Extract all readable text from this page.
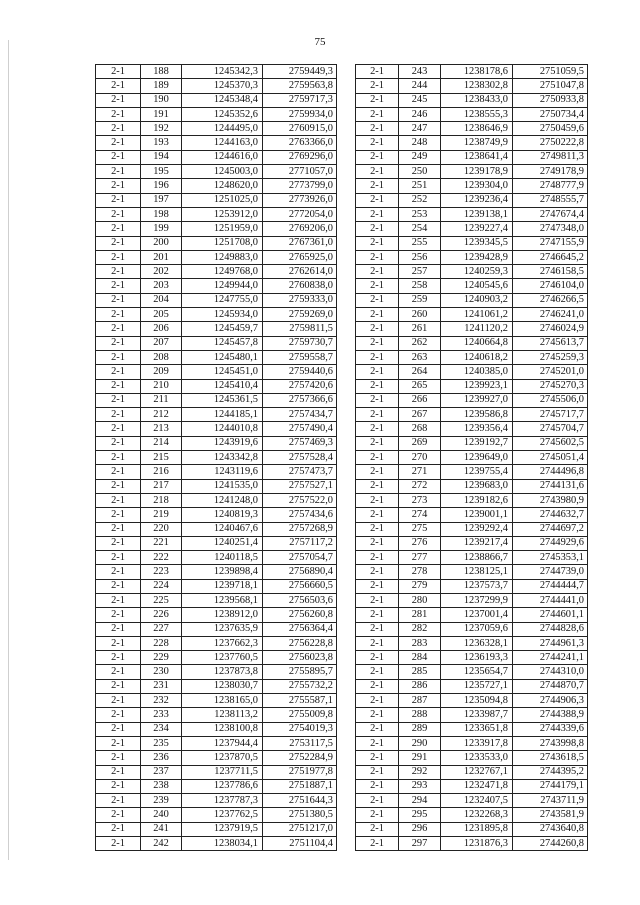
75
2-1	188	1245342,3	2759449,3
2-1	189	1245370,3	2759563,8
2-1	190	1245348,4	2759717,3
2-1	191	1245352,6	2759934,0
2-1	192	1244495,0	2760915,0
2-1	193	1244163,0	2763366,0
2-1	194	1244616,0	2769296,0
2-1	195	1245003,0	2771057,0
2-1	196	1248620,0	2773799,0
2-1	197	1251025,0	2773926,0
2-1	198	1253912,0	2772054,0
2-1	199	1251959,0	2769206,0
2-1	200	1251708,0	2767361,0
2-1	201	1249883,0	2765925,0
2-1	202	1249768,0	2762614,0
2-1	203	1249944,0	2760838,0
2-1	204	1247755,0	2759333,0
2-1	205	1245934,0	2759269,0
2-1	206	1245459,7	2759811,5
2-1	207	1245457,8	2759730,7
2-1	208	1245480,1	2759558,7
2-1	209	1245451,0	2759440,6
2-1	210	1245410,4	2757420,6
2-1	211	1245361,5	2757366,6
2-1	212	1244185,1	2757434,7
2-1	213	1244010,8	2757490,4
2-1	214	1243919,6	2757469,3
2-1	215	1243342,8	2757528,4
2-1	216	1243119,6	2757473,7
2-1	217	1241535,0	2757527,1
2-1	218	1241248,0	2757522,0
2-1	219	1240819,3	2757434,6
2-1	220	1240467,6	2757268,9
2-1	221	1240251,4	2757117,2
2-1	222	1240118,5	2757054,7
2-1	223	1239898,4	2756890,4
2-1	224	1239718,1	2756660,5
2-1	225	1239568,1	2756503,6
2-1	226	1238912,0	2756260,8
2-1	227	1237635,9	2756364,4
2-1	228	1237662,3	2756228,8
2-1	229	1237760,5	2756023,8
2-1	230	1237873,8	2755895,7
2-1	231	1238030,7	2755732,2
2-1	232	1238165,0	2755587,1
2-1	233	1238113,2	2755009,8
2-1	234	1238100,8	2754019,3
2-1	235	1237944,4	2753117,5
2-1	236	1237870,5	2752284,9
2-1	237	1237711,5	2751977,8
2-1	238	1237786,6	2751887,1
2-1	239	1237787,3	2751644,3
2-1	240	1237762,5	2751380,5
2-1	241	1237919,5	2751217,0
2-1	242	1238034,1	2751104,4
2-1	243	1238178,6	2751059,5
2-1	244	1238302,8	2751047,8
2-1	245	1238433,0	2750933,8
2-1	246	1238555,3	2750734,4
2-1	247	1238646,9	2750459,6
2-1	248	1238749,9	2750222,8
2-1	249	1238641,4	2749811,3
2-1	250	1239178,9	2749178,9
2-1	251	1239304,0	2748777,9
2-1	252	1239236,4	2748555,7
2-1	253	1239138,1	2747674,4
2-1	254	1239227,4	2747348,0
2-1	255	1239345,5	2747155,9
2-1	256	1239428,9	2746645,2
2-1	257	1240259,3	2746158,5
2-1	258	1240545,6	2746104,0
2-1	259	1240903,2	2746266,5
2-1	260	1241061,2	2746241,0
2-1	261	1241120,2	2746024,9
2-1	262	1240664,8	2745613,7
2-1	263	1240618,2	2745259,3
2-1	264	1240385,0	2745201,0
2-1	265	1239923,1	2745270,3
2-1	266	1239927,0	2745506,0
2-1	267	1239586,8	2745717,7
2-1	268	1239356,4	2745704,7
2-1	269	1239192,7	2745602,5
2-1	270	1239649,0	2745051,4
2-1	271	1239755,4	2744496,8
2-1	272	1239683,0	2744131,6
2-1	273	1239182,6	2743980,9
2-1	274	1239001,1	2744632,7
2-1	275	1239292,4	2744697,2
2-1	276	1239217,4	2744929,6
2-1	277	1238866,7	2745353,1
2-1	278	1238125,1	2744739,0
2-1	279	1237573,7	2744444,7
2-1	280	1237299,9	2744441,0
2-1	281	1237001,4	2744601,1
2-1	282	1237059,6	2744828,6
2-1	283	1236328,1	2744961,3
2-1	284	1236193,3	2744241,1
2-1	285	1235654,7	2744310,0
2-1	286	1235727,1	2744870,7
2-1	287	1235094,8	2744906,3
2-1	288	1233987,7	2744388,9
2-1	289	1233651,8	2744339,6
2-1	290	1233917,8	2743998,8
2-1	291	1233533,0	2743618,5
2-1	292	1232767,1	2744395,2
2-1	293	1232471,8	2744179,1
2-1	294	1232407,5	2743711,9
2-1	295	1232268,3	2743581,9
2-1	296	1231895,8	2743640,8
2-1	297	1231876,3	2744260,8
